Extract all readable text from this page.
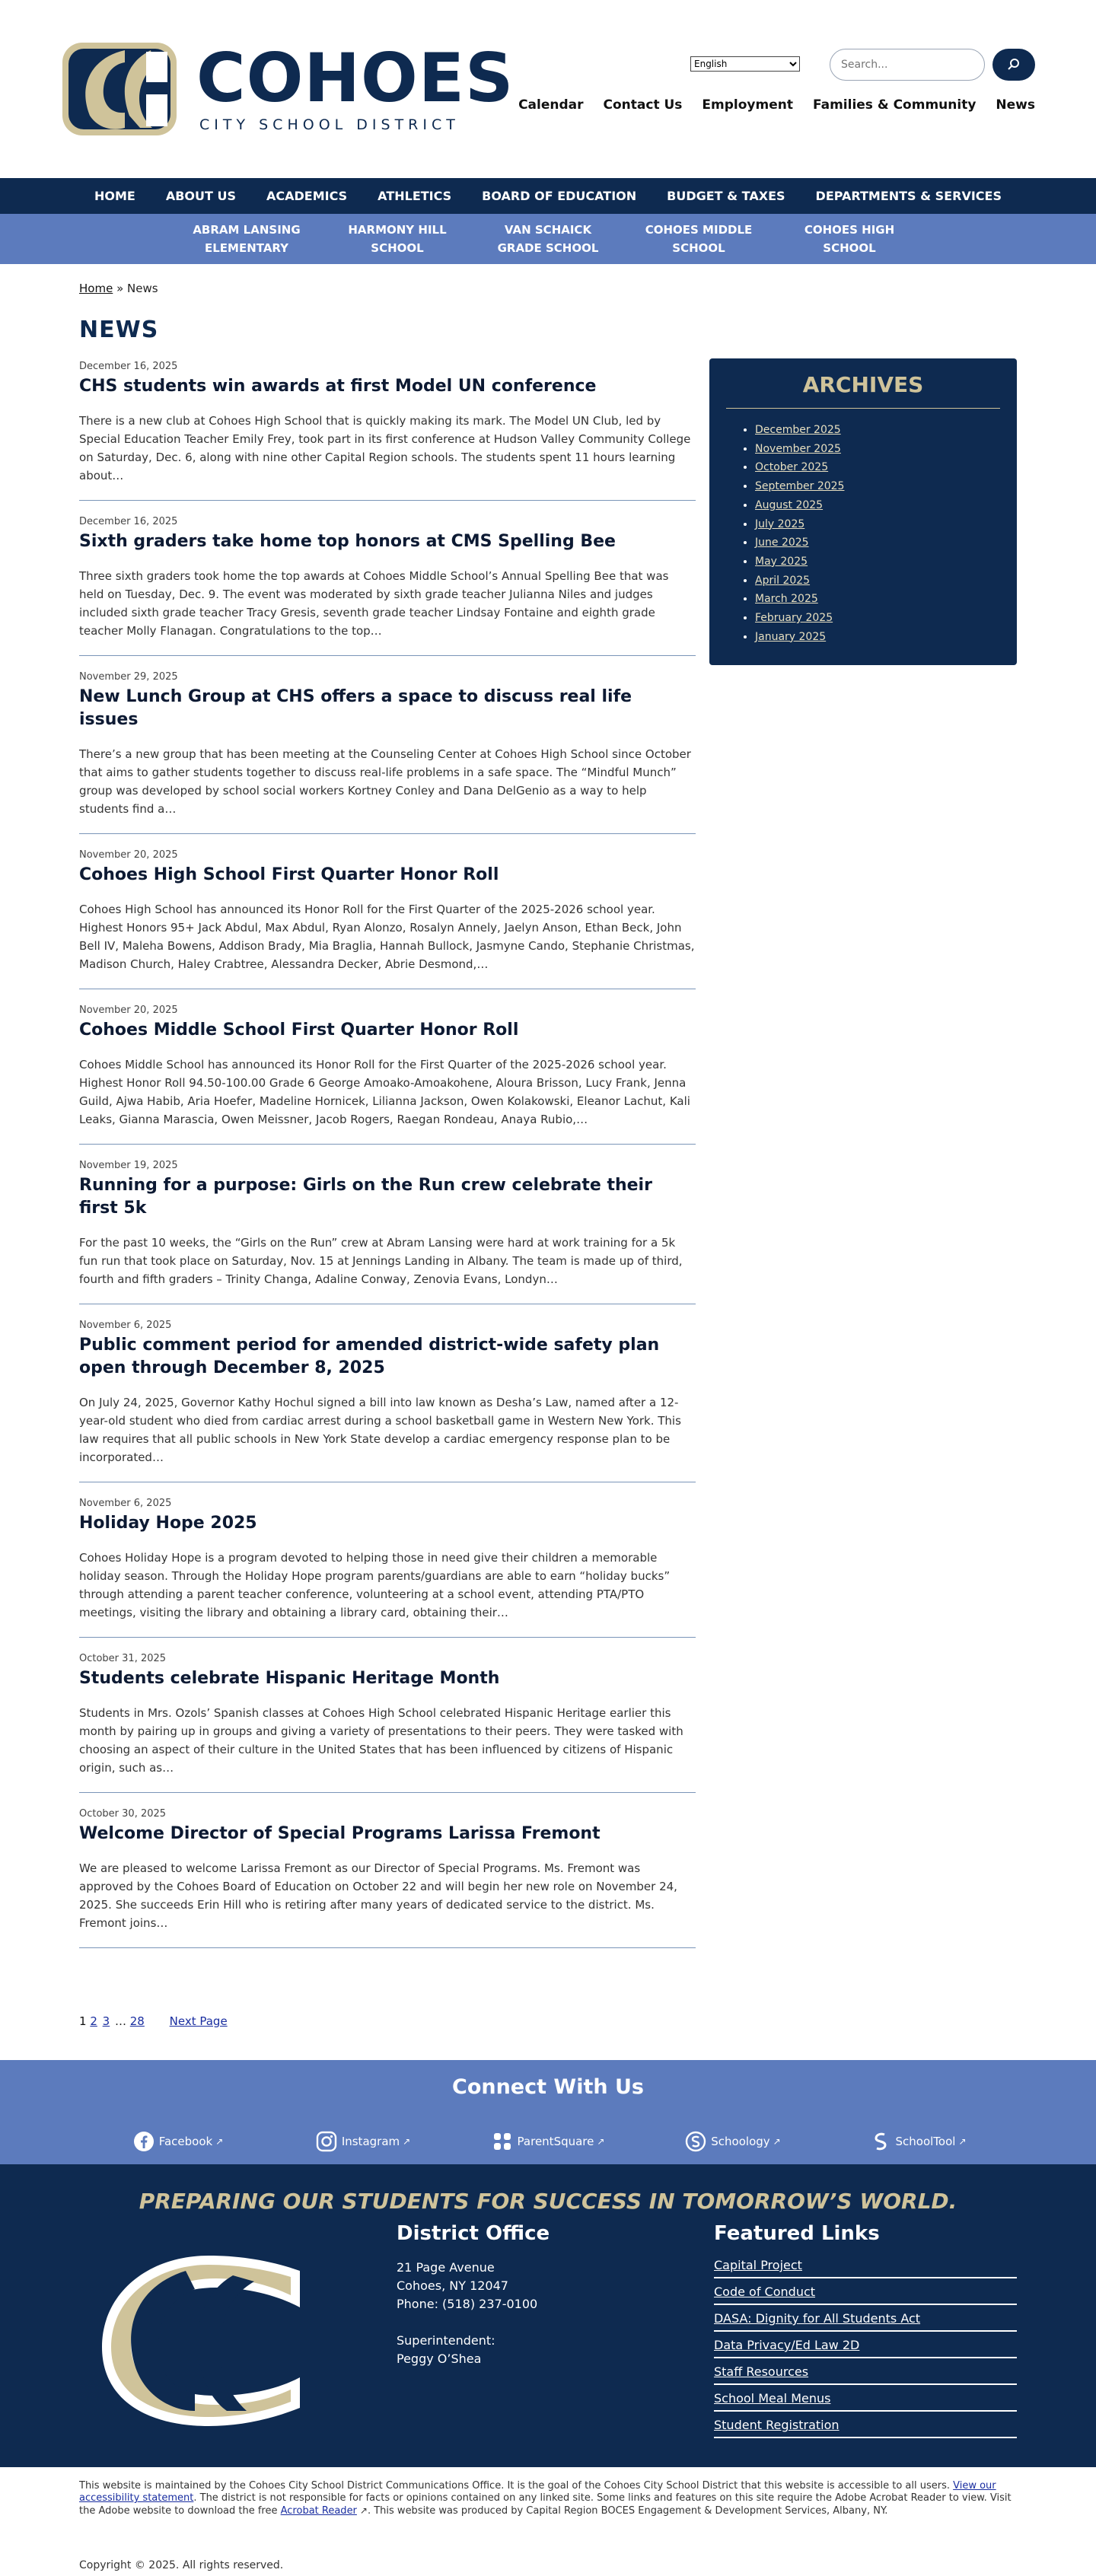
COHOES
CITY SCHOOL DISTRICT
English
Search...
Calendar Contact Us Employment Families & Community News
HOME	ABOUT US	ACADEMICS	ATHLETICS	BOARD OF EDUCATION	BUDGET & TAXES	DEPARTMENTS & SERVICES
ABRAM LANSING
ELEMENTARY
HARMONY HILL
SCHOOL
VAN SCHAICK
GRADE SCHOOL
COHOES MIDDLE
SCHOOL
COHOES HIGH
SCHOOL
Home » News
NEWS
December 16, 2025
CHS students win awards at first Model UN conference

There is a new club at Cohoes High School that is quickly making its mark. The Model UN Club, led by Special Education Teacher Emily Frey, took part in its first conference at Hudson Valley Community College on Saturday, Dec. 6, along with nine other Capital Region schools. The students spent 11 hours learning about…

December 16, 2025
Sixth graders take home top honors at CMS Spelling Bee

Three sixth graders took home the top awards at Cohoes Middle School’s Annual Spelling Bee that was held on Tuesday, Dec. 9. The event was moderated by sixth grade teacher Julianna Niles and judges included sixth grade teacher Tracy Gresis, seventh grade teacher Lindsay Fontaine and eighth grade teacher Molly Flanagan. Congratulations to the top…

November 29, 2025
New Lunch Group at CHS offers a space to discuss real life issues

There’s a new group that has been meeting at the Counseling Center at Cohoes High School since October that aims to gather students together to discuss real-life problems in a safe space. The “Mindful Munch” group was developed by school social workers Kortney Conley and Dana DelGenio as a way to help students find a…

November 20, 2025
Cohoes High School First Quarter Honor Roll

Cohoes High School has announced its Honor Roll for the First Quarter of the 2025-2026 school year. Highest Honors 95+ Jack Abdul, Max Abdul, Ryan Alonzo, Rosalyn Annely, Jaelyn Anson, Ethan Beck, John Bell IV, Maleha Bowens, Addison Brady, Mia Braglia, Hannah Bullock, Jasmyne Cando, Stephanie Christmas, Madison Church, Haley Crabtree, Alessandra Decker, Abrie Desmond,…

November 20, 2025
Cohoes Middle School First Quarter Honor Roll

Cohoes Middle School has announced its Honor Roll for the First Quarter of the 2025-2026 school year. Highest Honor Roll 94.50-100.00 Grade 6 George Amoako-Amoakohene, Aloura Brisson, Lucy Frank, Jenna Guild, Ajwa Habib, Aria Hoefer, Madeline Hornicek, Lilianna Jackson, Owen Kolakowski, Eleanor Lachut, Kali Leaks, Gianna Marascia, Owen Meissner, Jacob Rogers, Raegan Rondeau, Anaya Rubio,…

November 19, 2025
Running for a purpose: Girls on the Run crew celebrate their first 5k

For the past 10 weeks, the “Girls on the Run” crew at Abram Lansing were hard at work training for a 5k fun run that took place on Saturday, Nov. 15 at Jennings Landing in Albany. The team is made up of third, fourth and fifth graders – Trinity Changa, Adaline Conway, Zenovia Evans, Londyn…

November 6, 2025
Public comment period for amended district-wide safety plan open through December 8, 2025

On July 24, 2025, Governor Kathy Hochul signed a bill into law known as Desha’s Law, named after a 12-year-old student who died from cardiac arrest during a school basketball game in Western New York. This law requires that all public schools in New York State develop a cardiac emergency response plan to be incorporated…

November 6, 2025
Holiday Hope 2025

Cohoes Holiday Hope is a program devoted to helping those in need give their children a memorable holiday season. Through the Holiday Hope program parents/guardians are able to earn “holiday bucks” through attending a parent teacher conference, volunteering at a school event, attending PTA/PTO meetings, visiting the library and obtaining a library card, obtaining their…

October 31, 2025
Students celebrate Hispanic Heritage Month

Students in Mrs. Ozols’ Spanish classes at Cohoes High School celebrated Hispanic Heritage earlier this month by pairing up in groups and giving a variety of presentations to their peers. They were tasked with choosing an aspect of their culture in the United States that has been influenced by citizens of Hispanic origin, such as…

October 30, 2025
Welcome Director of Special Programs Larissa Fremont

We are pleased to welcome Larissa Fremont as our Director of Special Programs. Ms. Fremont was approved by the Cohoes Board of Education on October 22 and will begin her new role on November 24, 2025. She succeeds Erin Hill who is retiring after many years of dedicated service to the district. Ms. Fremont joins…

1 2 3 … 28 Next Page
ARCHIVES
• December 2025
• November 2025
• October 2025
• September 2025
• August 2025
• July 2025
• June 2025
• May 2025
• April 2025
• March 2025
• February 2025
• January 2025
Connect With Us
Facebook ↗	Instagram ↗	ParentSquare ↗	Schoology ↗	SchoolTool ↗
PREPARING OUR STUDENTS FOR SUCCESS IN TOMORROW’S WORLD.
District Office

21 Page Avenue

Cohoes, NY 12047

Phone: (518) 237-0100

Superintendent:

Peggy O’Shea

Featured Links
Capital Project
Code of Conduct
DASA: Dignity for All Students Act
Data Privacy/Ed Law 2D
Staff Resources
School Meal Menus
Student Registration
This website is maintained by the Cohoes City School District Communications Office. It is the goal of the Cohoes City School District that this website is accessible to all users. View our accessibility statement. The district is not responsible for facts or opinions contained on any linked site. Some links and features on this site require the Adobe Acrobat Reader to view. Visit the Adobe website to download the free Acrobat Reader ↗. This website was produced by Capital Region BOCES Engagement & Development Services, Albany, NY.
Copyright © 2025. All rights reserved.
